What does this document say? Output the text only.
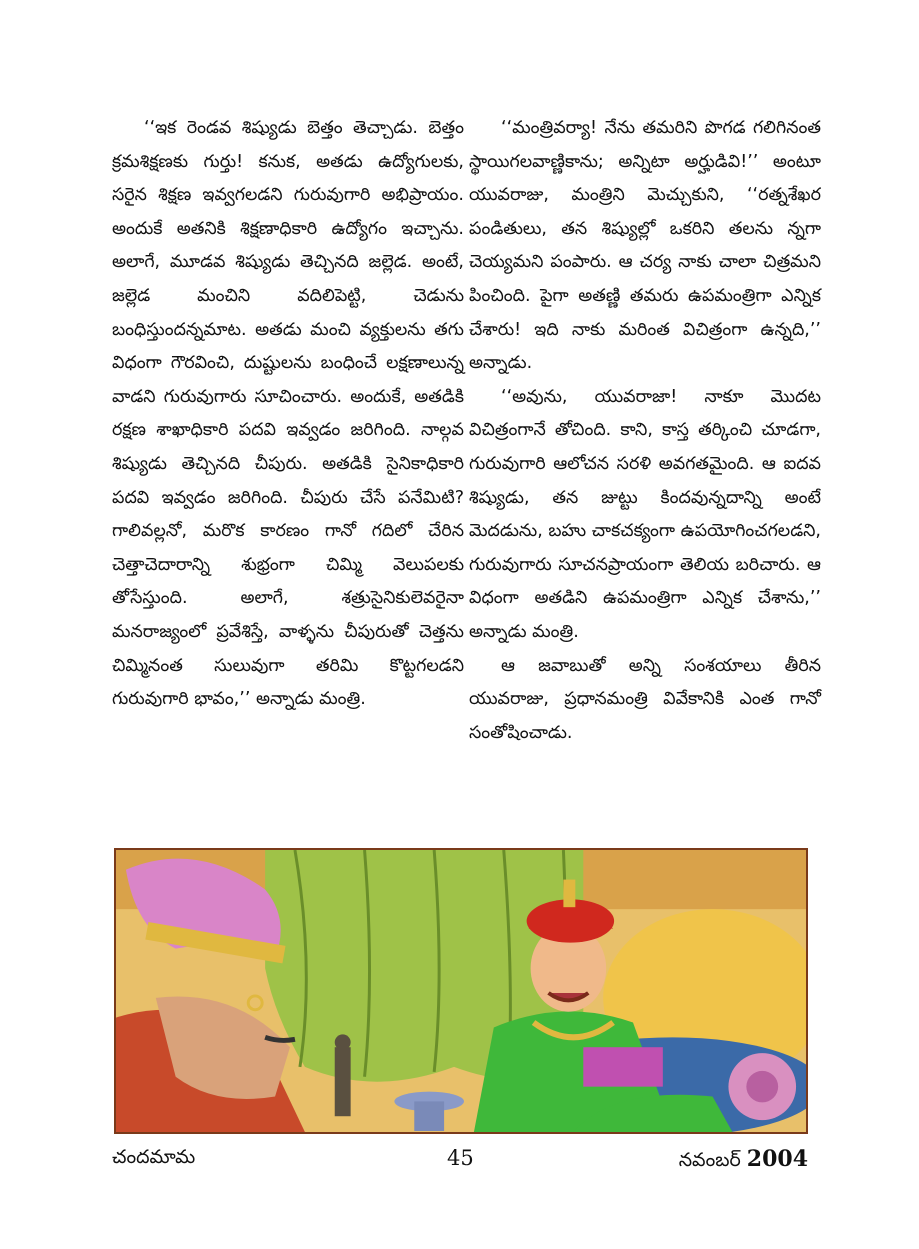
‘‘ఇక రెండవ శిష్యుడు బెత్తం తెచ్చాడు. బెత్తం క్రమశిక్షణకు గుర్తు! కనుక, అతడు ఉద్యోగులకు, సరైన శిక్షణ ఇవ్వగలడని గురువుగారి అభిప్రాయం. అందుకే అతనికి శిక్షణాధికారి ఉద్యోగం ఇచ్చాను. అలాగే, మూడవ శిష్యుడు తెచ్చినది జల్లెడ. అంటే, జల్లెడ మంచిని వదిలిపెట్టి, చెడును బంధిస్తుందన్నమాట. అతడు మంచి వ్యక్తులను తగు విధంగా గౌరవించి, దుష్టులను బంధించే లక్షణాలున్న వాడని గురువుగారు సూచించారు. అందుకే, అతడికి రక్షణ శాఖాధికారి పదవి ఇవ్వడం జరిగింది. నాల్గవ శిష్యుడు తెచ్చినది చీపురు. అతడికి సైనికాధికారి పదవి ఇవ్వడం జరిగింది. చీపురు చేసే పనేమిటి? గాలివల్లనో, మరొక కారణం గానో గదిలో చేరిన చెత్తాచెదారాన్ని శుభ్రంగా చిమ్మి వెలుపలకు తోసేస్తుంది. అలాగే, శత్రుసైనికులెవరైనా మనరాజ్యంలో ప్రవేశిస్తే, వాళ్ళను చీపురుతో చెత్తను చిమ్మినంత సులువుగా తరిమి కొట్టగలడని గురువుగారి భావం,’’ అన్నాడు మంత్రి.

‘‘మంత్రివర్యా! నేను తమరిని పొగడ గలిగినంత స్థాయిగలవాణ్ణికాను; అన్నిటా అర్హుడివి!’’ అంటూ యువరాజు, మంత్రిని మెచ్చుకుని, ‘‘రత్నశేఖర పండితులు, తన శిష్యుల్లో ఒకరిని తలను న్నగా చెయ్యమని పంపారు. ఆ చర్య నాకు చాలా చిత్రమని పించింది. పైగా అతణ్ణి తమరు ఉపమంత్రిగా ఎన్నిక చేశారు! ఇది నాకు మరింత విచిత్రంగా ఉన్నది,’’ అన్నాడు.

‘‘అవును, యువరాజా! నాకూ మొదట విచిత్రంగానే తోచింది. కాని, కాస్త తర్కించి చూడగా, గురువుగారి ఆలోచన సరళి అవగతమైంది. ఆ ఐదవ శిష్యుడు, తన జుట్టు కిందవున్నదాన్ని అంటే మెదడును, బహు చాకచక్యంగా ఉపయోగించగలడని, గురువుగారు సూచనప్రాయంగా తెలియ బరిచారు. ఆ విధంగా అతడిని ఉపమంత్రిగా ఎన్నిక చేశాను,’’ అన్నాడు మంత్రి.

ఆ జవాబుతో అన్ని సంశయాలు తీరిన యువరాజు, ప్రధానమంత్రి వివేకానికి ఎంత గానో సంతోషించాడు.

చందమామ	45	నవంబర్ 2004
